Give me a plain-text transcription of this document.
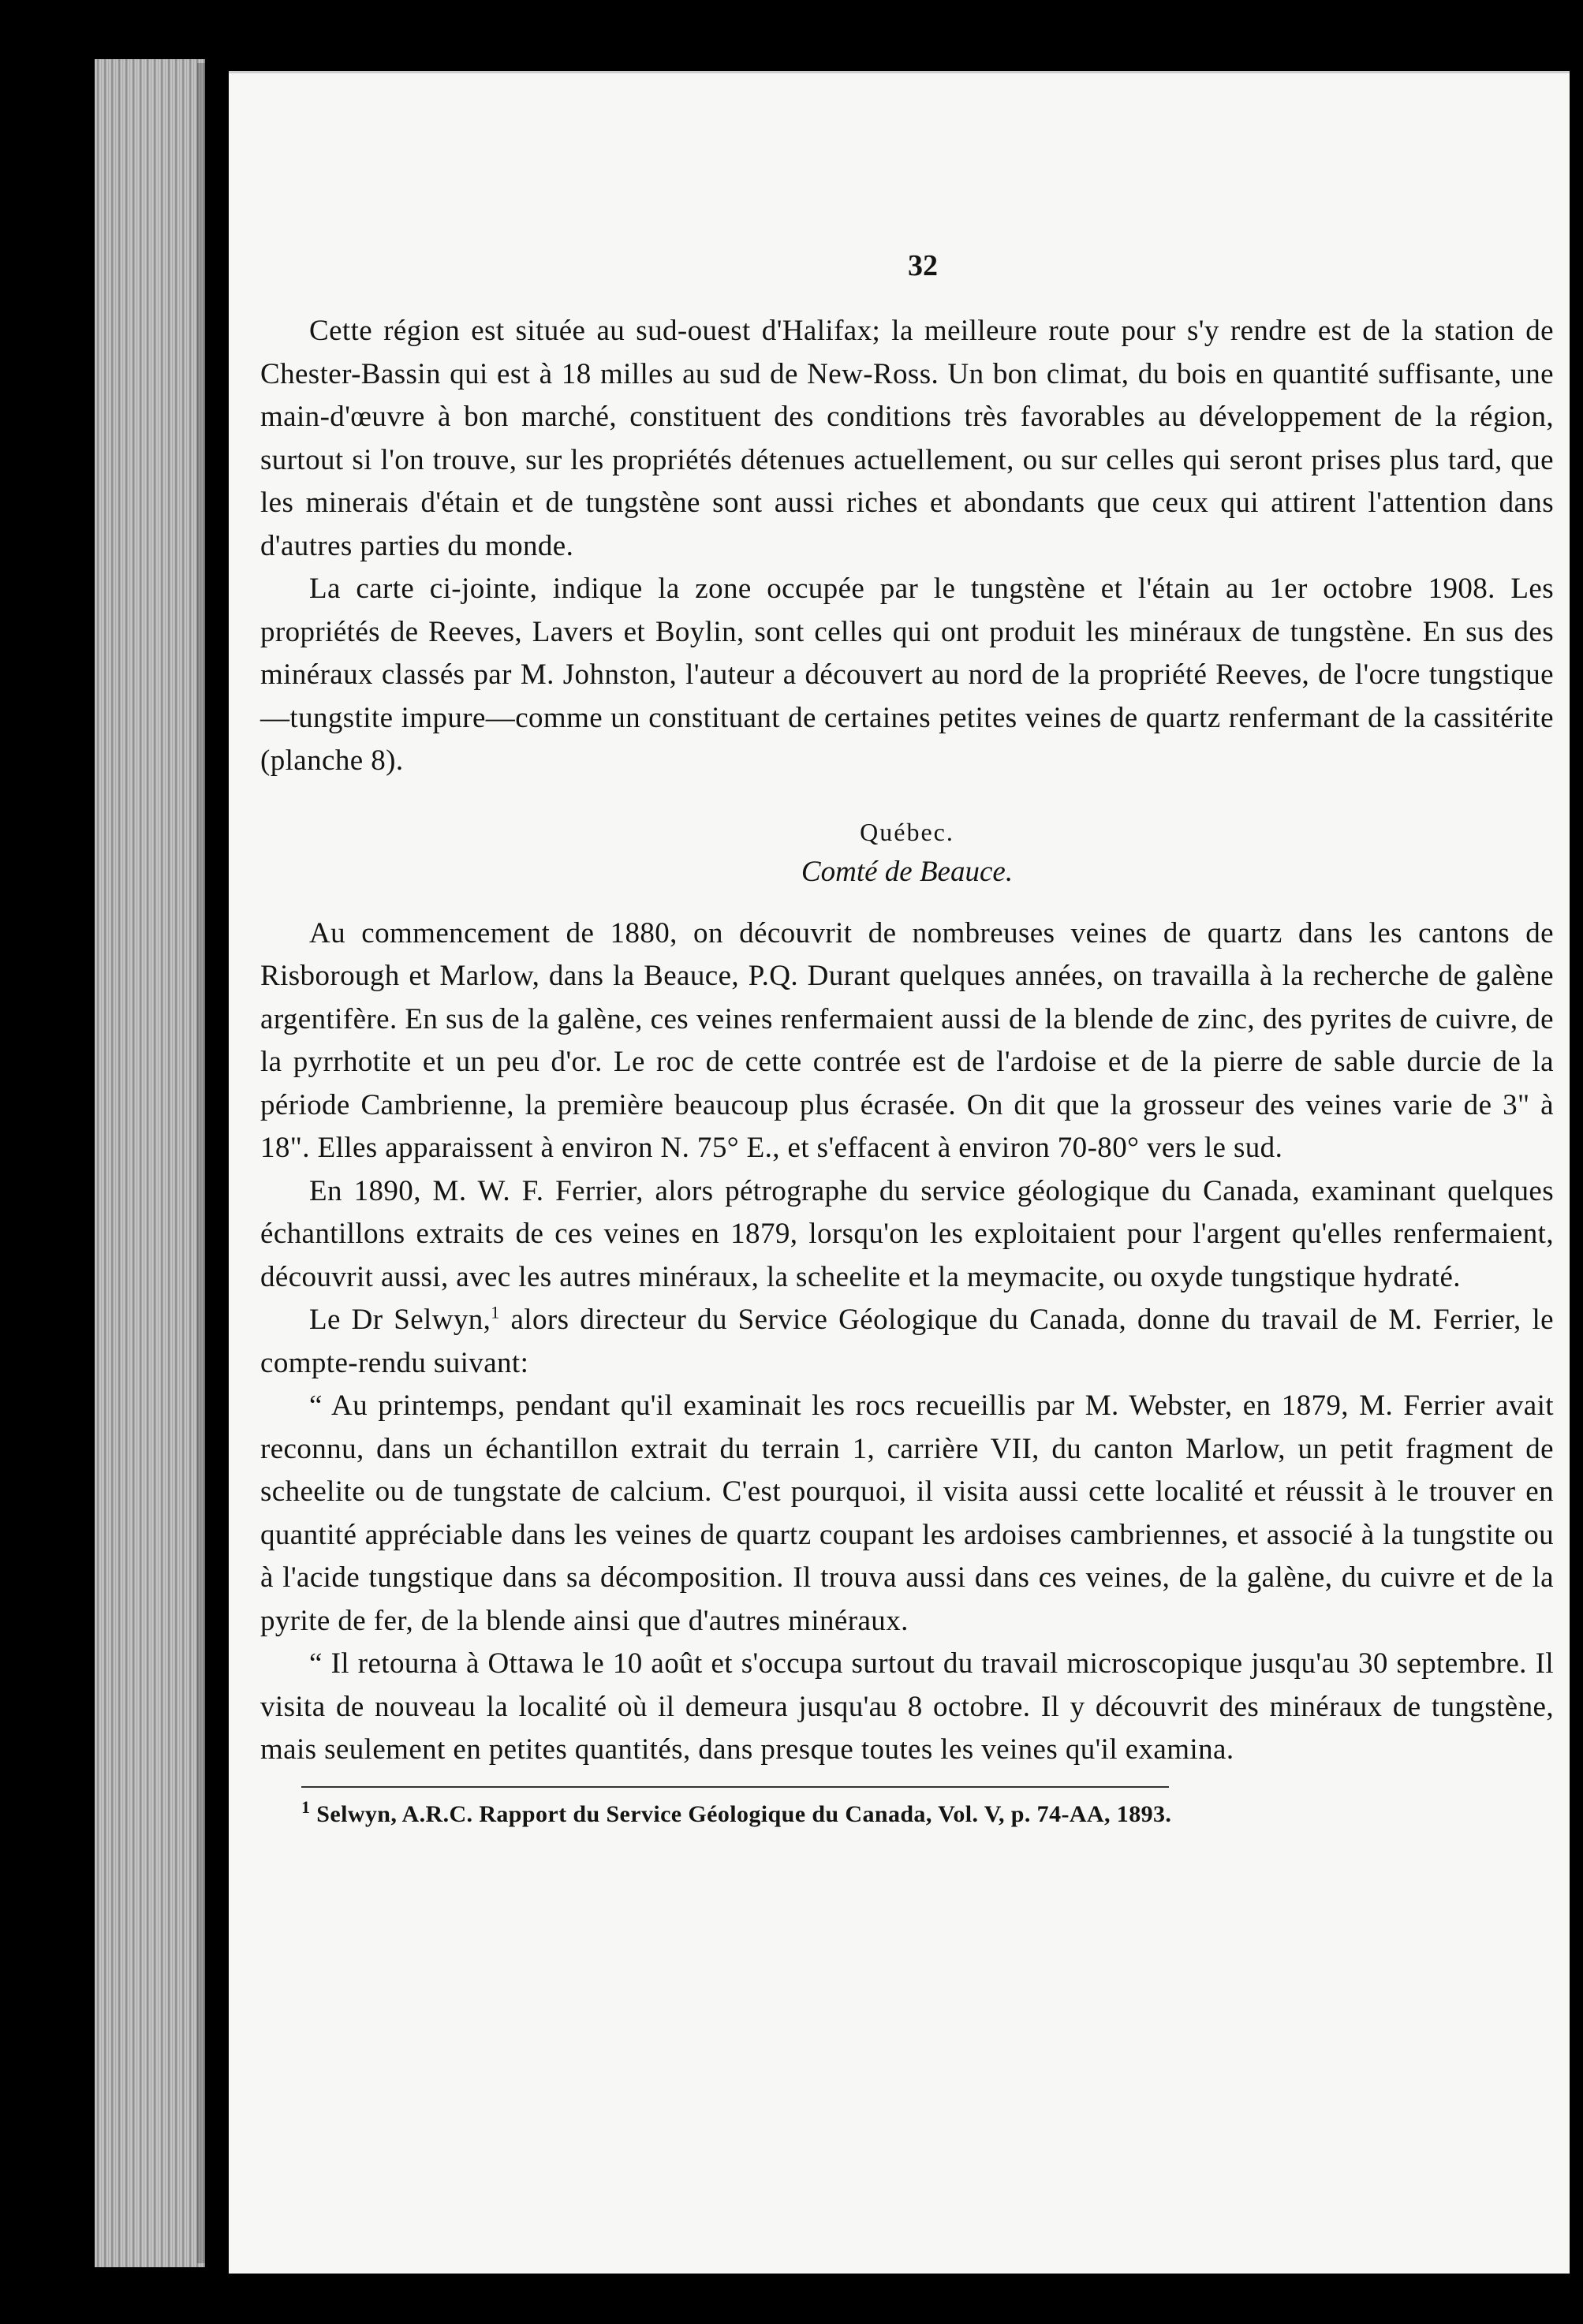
32

Cette région est située au sud-ouest d'Halifax; la meilleure route pour s'y rendre est de la station de Chester-Bassin qui est à 18 milles au sud de New-Ross. Un bon climat, du bois en quantité suffisante, une main-d'œuvre à bon marché, constituent des conditions très favorables au développement de la région, surtout si l'on trouve, sur les propriétés détenues actuellement, ou sur celles qui seront prises plus tard, que les minerais d'étain et de tungstène sont aussi riches et abondants que ceux qui attirent l'attention dans d'autres parties du monde.

La carte ci-jointe, indique la zone occupée par le tungstène et l'étain au 1er octobre 1908. Les propriétés de Reeves, Lavers et Boylin, sont celles qui ont produit les minéraux de tungstène. En sus des minéraux classés par M. Johnston, l'auteur a découvert au nord de la propriété Reeves, de l'ocre tungstique—tungstite impure—comme un constituant de certaines petites veines de quartz renfermant de la cassitérite (planche 8).

Québec.
Comté de Beauce.

Au commencement de 1880, on découvrit de nombreuses veines de quartz dans les cantons de Risborough et Marlow, dans la Beauce, P.Q. Durant quelques années, on travailla à la recherche de galène argentifère. En sus de la galène, ces veines renfermaient aussi de la blende de zinc, des pyrites de cuivre, de la pyrrhotite et un peu d'or. Le roc de cette contrée est de l'ardoise et de la pierre de sable durcie de la période Cambrienne, la première beaucoup plus écrasée. On dit que la grosseur des veines varie de 3" à 18". Elles apparaissent à environ N. 75° E., et s'effacent à environ 70-80° vers le sud.

En 1890, M. W. F. Ferrier, alors pétrographe du service géologique du Canada, examinant quelques échantillons extraits de ces veines en 1879, lorsqu'on les exploitaient pour l'argent qu'elles renfermaient, découvrit aussi, avec les autres minéraux, la scheelite et la meymacite, ou oxyde tungstique hydraté.

Le Dr Selwyn,$^1$ alors directeur du Service Géologique du Canada, donne du travail de M. Ferrier, le compte-rendu suivant:

“ Au printemps, pendant qu'il examinait les rocs recueillis par M. Webster, en 1879, M. Ferrier avait reconnu, dans un échantillon extrait du terrain 1, carrière VII, du canton Marlow, un petit fragment de scheelite ou de tungstate de calcium. C'est pourquoi, il visita aussi cette localité et réussit à le trouver en quantité appréciable dans les veines de quartz coupant les ardoises cambriennes, et associé à la tungstite ou à l'acide tungstique dans sa décomposition. Il trouva aussi dans ces veines, de la galène, du cuivre et de la pyrite de fer, de la blende ainsi que d'autres minéraux.

“ Il retourna à Ottawa le 10 août et s'occupa surtout du travail microscopique jusqu'au 30 septembre. Il visita de nouveau la localité où il demeura jusqu'au 8 octobre. Il y découvrit des minéraux de tungstène, mais seulement en petites quantités, dans presque toutes les veines qu'il examina.

$^1$ Selwyn, A.R.C. Rapport du Service Géologique du Canada, Vol. V, p. 74-AA, 1893.
